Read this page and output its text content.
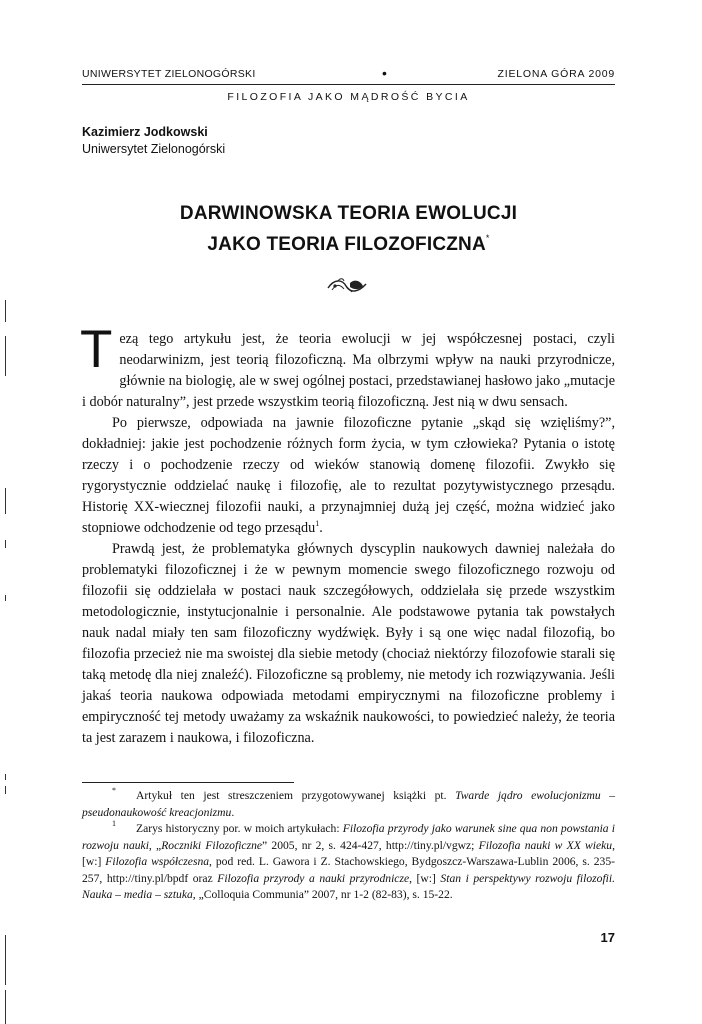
UNIWERSYTET ZIELONOGÓRSKI	•	ZIELONA GÓRA 2009
FILOZOFIA JAKO MĄDROŚĆ BYCIA
Kazimierz Jodkowski
Uniwersytet Zielonogórski
DARWINOWSKA TEORIA EWOLUCJI
JAKO TEORIA FILOZOFICZNA*

Tezą tego artykułu jest, że teoria ewolucji w jej współczesnej postaci, czyli neodarwinizm, jest teorią filozoficzną. Ma olbrzymi wpływ na nauki przyrodnicze, głównie na biologię, ale w swej ogólnej postaci, przedstawianej hasłowo jako „mutacje i dobór naturalny”, jest przede wszystkim teorią filozoficzną. Jest nią w dwu sensach.

Po pierwsze, odpowiada na jawnie filozoficzne pytanie „skąd się wzięliśmy?”, dokładniej: jakie jest pochodzenie różnych form życia, w tym człowieka? Pytania o istotę rzeczy i o pochodzenie rzeczy od wieków stanowią domenę filozofii. Zwykło się rygorystycznie oddzielać naukę i filozofię, ale to rezultat pozytywistycznego przesądu. Historię XX-wiecznej filozofii nauki, a przynajmniej dużą jej część, można widzieć jako stopniowe odchodzenie od tego przesądu$^1$.

Prawdą jest, że problematyka głównych dyscyplin naukowych dawniej należała do problematyki filozoficznej i że w pewnym momencie swego filozoficznego rozwoju od filozofii się oddzielała w postaci nauk szczegółowych, oddzielała się przede wszystkim metodologicznie, instytucjonalnie i personalnie. Ale podstawowe pytania tak powstałych nauk nadal miały ten sam filozoficzny wydźwięk. Były i są one więc nadal filozofią, bo filozofia przecież nie ma swoistej dla siebie metody (chociaż niektórzy filozofowie starali się taką metodę dla niej znaleźć). Filozoficzne są problemy, nie metody ich rozwiązywania. Jeśli jakaś teoria naukowa odpowiada metodami empirycznymi na filozoficzne problemy i empiryczność tej metody uważamy za wskaźnik naukowości, to powiedzieć należy, że teoria ta jest zarazem i naukowa, i filozoficzna.

* Artykuł ten jest streszczeniem przygotowywanej książki pt. Twarde jądro ewolucjonizmu – pseudonaukowość kreacjonizmu.

$^1$ Zarys historyczny por. w moich artykułach: Filozofia przyrody jako warunek sine qua non powstania i rozwoju nauki, „Roczniki Filozoficzne” 2005, nr 2, s. 424-427, http://tiny.pl/vgwz; Filozofia nauki w XX wieku, [w:] Filozofia współczesna, pod red. L. Gawora i Z. Stachowskiego, Bydgoszcz-Warszawa-Lublin 2006, s. 235-257, http://tiny.pl/bpdf oraz Filozofia przyrody a nauki przyrodnicze, [w:] Stan i perspektywy rozwoju filozofii. Nauka – media – sztuka, „Colloquia Communia” 2007, nr 1-2 (82-83), s. 15-22.

17
